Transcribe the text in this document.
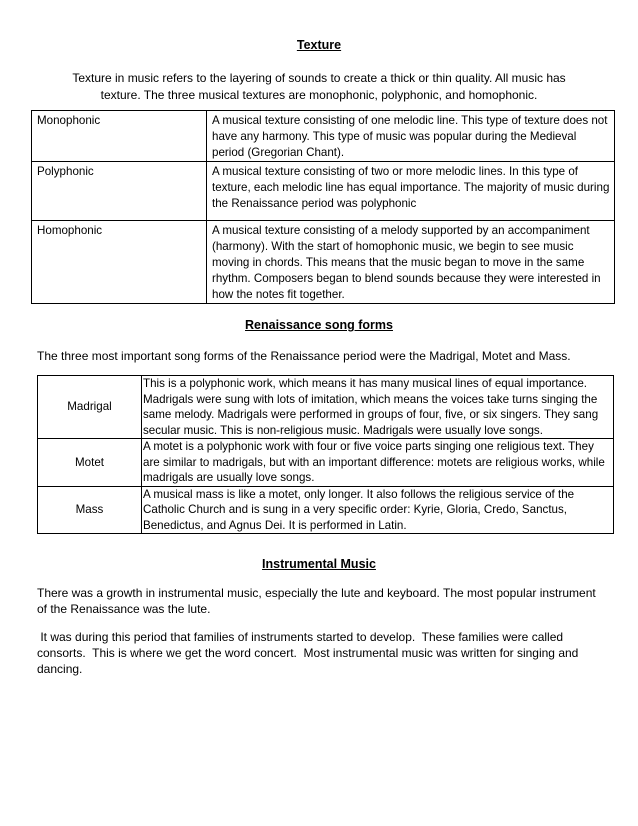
Texture

Texture in music refers to the layering of sounds to create a thick or thin quality. All music has
texture. The three musical textures are monophonic, polyphonic, and homophonic.

Monophonic	A musical texture consisting of one melodic line. This type of texture does not have any harmony. This type of music was popular during the Medieval period (Gregorian Chant).
Polyphonic	A musical texture consisting of two or more melodic lines. In this type of texture, each melodic line has equal importance. The majority of music during the Renaissance period was polyphonic
Homophonic	A musical texture consisting of a melody supported by an accompaniment (harmony). With the start of homophonic music, we begin to see music moving in chords. This means that the music began to move in the same rhythm. Composers began to blend sounds because they were interested in how the notes fit together.
Renaissance song forms

The three most important song forms of the Renaissance period were the Madrigal, Motet and Mass.

Madrigal	This is a polyphonic work, which means it has many musical lines of equal importance. Madrigals were sung with lots of imitation, which means the voices take turns singing the same melody. Madrigals were performed in groups of four, five, or six singers. They sang secular music. This is non-religious music. Madrigals were usually love songs.
Motet	A motet is a polyphonic work with four or five voice parts singing one religious text. They are similar to madrigals, but with an important difference: motets are religious works, while madrigals are usually love songs.
Mass	A musical mass is like a motet, only longer. It also follows the religious service of the Catholic Church and is sung in a very specific order: Kyrie, Gloria, Credo, Sanctus, Benedictus, and Agnus Dei. It is performed in Latin.
Instrumental Music

There was a growth in instrumental music, especially the lute and keyboard. The most popular instrument of the Renaissance was the lute.

It was during this period that families of instruments started to develop.  These families were called consorts.  This is where we get the word concert.  Most instrumental music was written for singing and dancing.
